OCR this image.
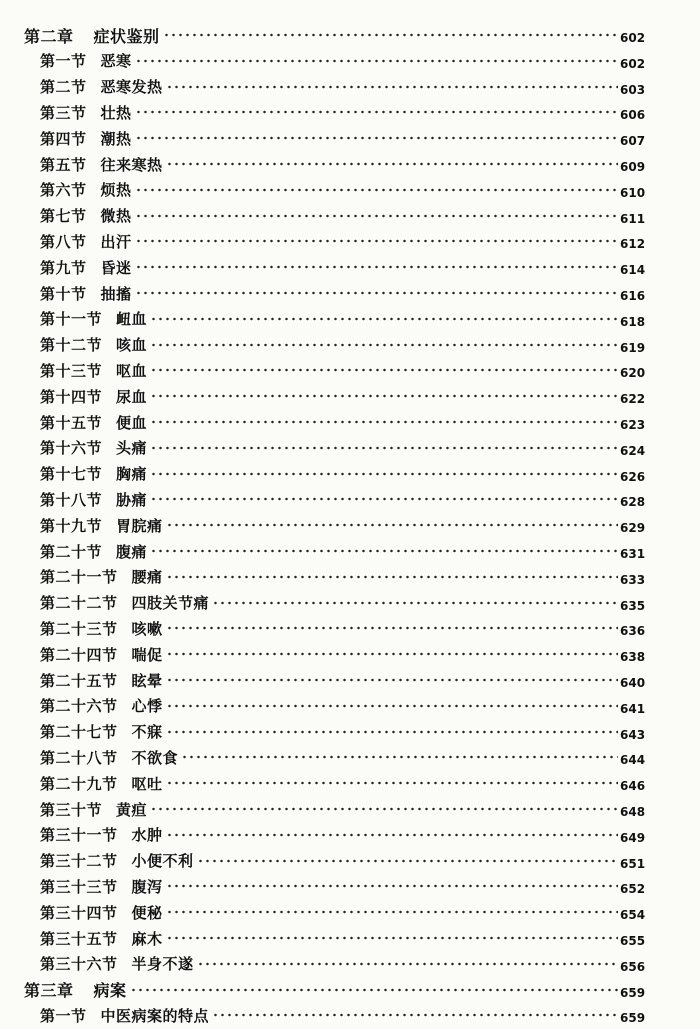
第二章 症状鉴别	602
第一节 恶寒	602
第二节 恶寒发热	603
第三节 壮热	606
第四节 潮热	607
第五节 往来寒热	609
第六节 烦热	610
第七节 微热	611
第八节 出汗	612
第九节 昏迷	614
第十节 抽搐	616
第十一节 衄血	618
第十二节 咳血	619
第十三节 呕血	620
第十四节 尿血	622
第十五节 便血	623
第十六节 头痛	624
第十七节 胸痛	626
第十八节 胁痛	628
第十九节 胃脘痛	629
第二十节 腹痛	631
第二十一节 腰痛	633
第二十二节 四肢关节痛	635
第二十三节 咳嗽	636
第二十四节 喘促	638
第二十五节 眩晕	640
第二十六节 心悸	641
第二十七节 不寐	643
第二十八节 不欲食	644
第二十九节 呕吐	646
第三十节 黄疸	648
第三十一节 水肿	649
第三十二节 小便不利	651
第三十三节 腹泻	652
第三十四节 便秘	654
第三十五节 麻木	655
第三十六节 半身不遂	656
第三章 病案	659
第一节 中医病案的特点	659
